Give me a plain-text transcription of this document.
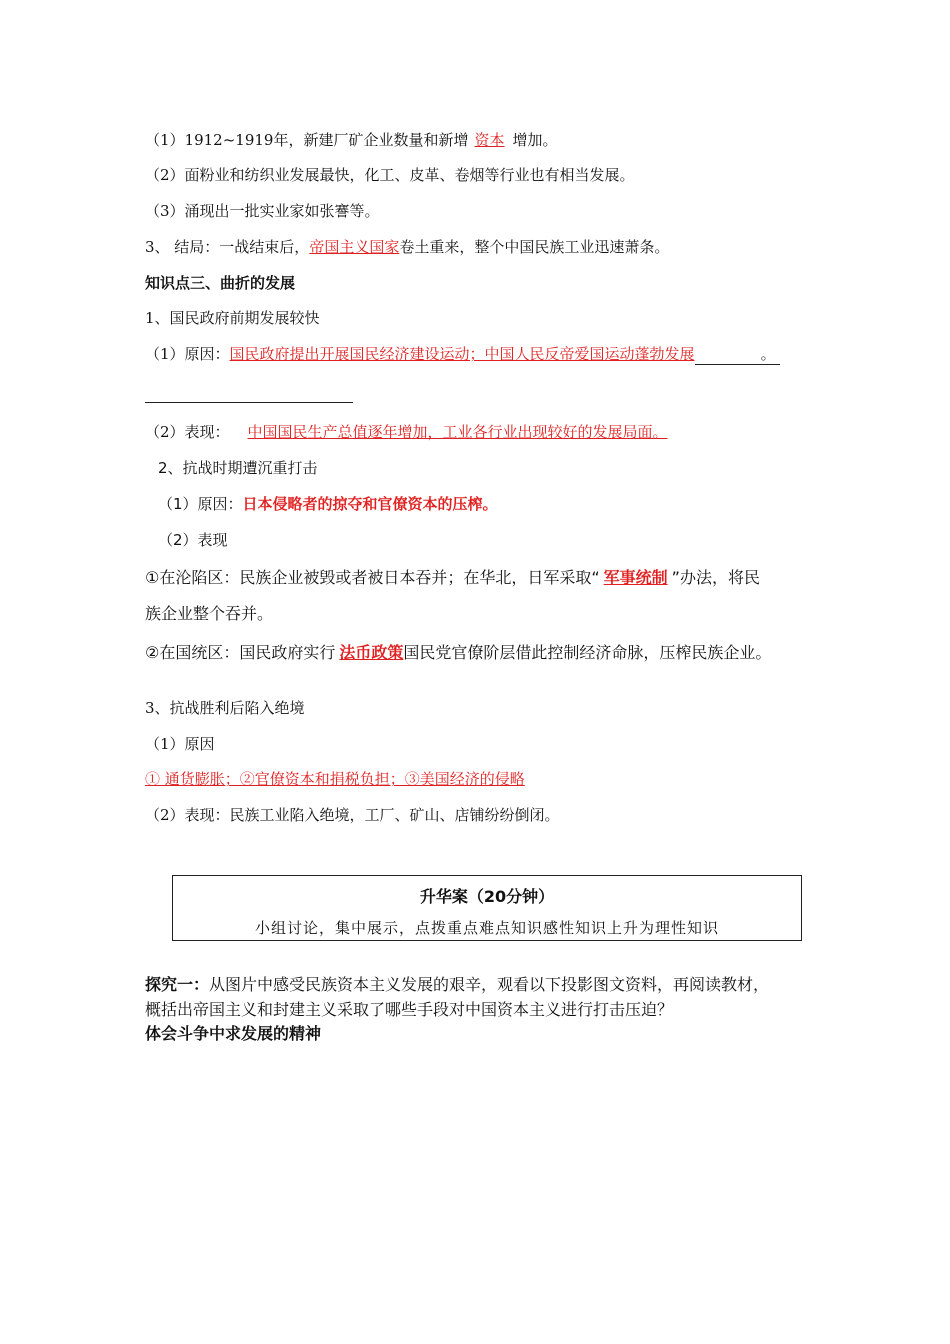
（1）1912~1919年，新建厂矿企业数量和新增 资本 增加。
（2）面粉业和纺织业发展最快，化工、皮革、卷烟等行业也有相当发展。
（3）涌现出一批实业家如张謇等。
3、 结局：一战结束后，帝国主义国家卷土重来，整个中国民族工业迅速萧条。
知识点三、曲折的发展
1、国民政府前期发展较快
（1）原因：国民政府提出开展国民经济建设运动；中国人民反帝爱国运动蓬勃发展	。
（2）表现： 中国国民生产总值逐年增加，工业各行业出现较好的发展局面。
2、抗战时期遭沉重打击
（1）原因：日本侵略者的掠夺和官僚资本的压榨。
（2）表现
①在沦陷区：民族企业被毁或者被日本吞并；在华北，日军采取“ 军事统制 ”办法，将民
族企业整个吞并。
②在国统区：国民政府实行 法币政策国民党官僚阶层借此控制经济命脉，压榨民族企业。
3、抗战胜利后陷入绝境
（1）原因
① 通货膨胀；②官僚资本和捐税负担；③美国经济的侵略
（2）表现：民族工业陷入绝境，工厂、矿山、店铺纷纷倒闭。
升华案（20分钟）
小组讨论，集中展示，点拨重点难点知识感性知识上升为理性知识
探究一：从图片中感受民族资本主义发展的艰辛，观看以下投影图文资料，再阅读教材，
概括出帝国主义和封建主义采取了哪些手段对中国资本主义进行打击压迫？
体会斗争中求发展的精神
